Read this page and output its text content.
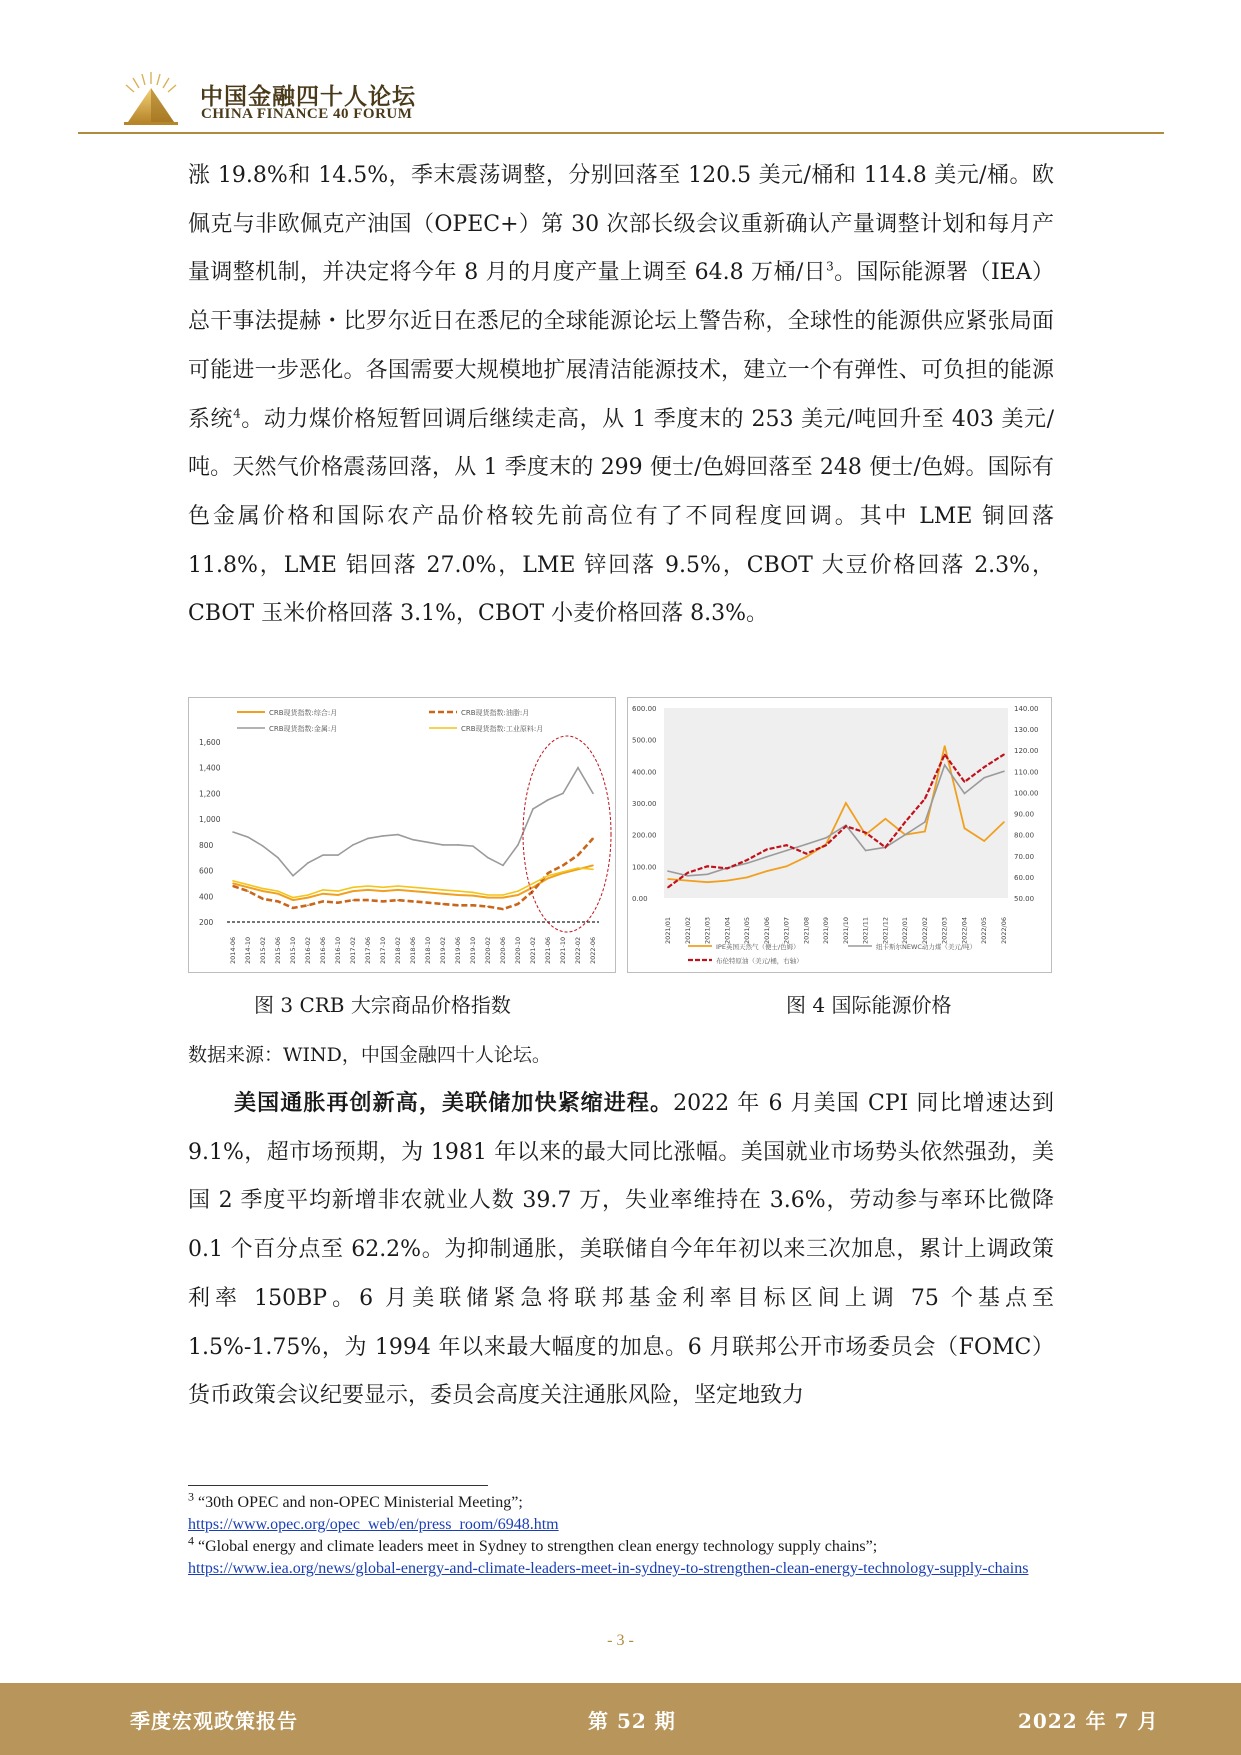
中国金融四十人论坛
CHINA FINANCE 40 FORUM

涨 19.8%和 14.5%，季末震荡调整，分别回落至 120.5 美元/桶和 114.8 美元/桶。欧佩克与非欧佩克产油国（OPEC+）第 30 次部长级会议重新确认产量调整计划和每月产量调整机制，并决定将今年 8 月的月度产量上调至 64.8 万桶/日$^3$。国际能源署（IEA）总干事法提赫・比罗尔近日在悉尼的全球能源论坛上警告称，全球性的能源供应紧张局面可能进一步恶化。各国需要大规模地扩展清洁能源技术，建立一个有弹性、可负担的能源系统$^4$。动力煤价格短暂回调后继续走高，从 1 季度末的 253 美元/吨回升至 403 美元/吨。天然气价格震荡回落，从 1 季度末的 299 便士/色姆回落至 248 便士/色姆。国际有色金属价格和国际农产品价格较先前高位有了不同程度回调。其中 LME 铜回落 11.8%，LME 铝回落 27.0%，LME 锌回落 9.5%，CBOT 大豆价格回落 2.3%，CBOT 玉米价格回落 3.1%，CBOT 小麦价格回落 8.3%。

CRB现货指数:综合:月	CRB现货指数:油脂:月
CRB现货指数:金属:月	CRB现货指数:工业原料:月
1,600
1,400
1,200
1,000
800
600
400
200
2014-06 2014-10 2015-02 2015-06 2015-10 2016-02 2016-06 2016-10 2017-02 2017-06 2017-10 2018-02 2018-06 2018-10 2019-02 2019-06 2019-10 2020-02 2020-06 2020-10 2021-02 2021-06 2021-10 2022-02 2022-06
600.00
500.00
400.00
300.00
200.00
100.00
0.00
140.00
130.00
120.00
110.00
100.00
90.00
80.00
70.00
60.00
50.00
2021/01 2021/02 2021/03 2021/04 2021/05 2021/06 2021/07 2021/08 2021/09 2021/10 2021/11 2021/12 2022/01 2022/02 2022/03 2022/04 2022/05 2022/06
IPE英国天然气（便士/色姆）	纽卡斯尔NEWC动力煤（美元/吨）
布伦特原油（美元/桶，右轴）
图 3 CRB 大宗商品价格指数	图 4 国际能源价格
数据来源：WIND，中国金融四十人论坛。

美国通胀再创新高，美联储加快紧缩进程。2022 年 6 月美国 CPI 同比增速达到 9.1%，超市场预期，为 1981 年以来的最大同比涨幅。美国就业市场势头依然强劲，美国 2 季度平均新增非农就业人数 39.7 万，失业率维持在 3.6%，劳动参与率环比微降 0.1 个百分点至 62.2%。为抑制通胀，美联储自今年年初以来三次加息，累计上调政策利率 150BP。6 月美联储紧急将联邦基金利率目标区间上调 75 个基点至 1.5%-1.75%，为 1994 年以来最大幅度的加息。6 月联邦公开市场委员会（FOMC）货币政策会议纪要显示，委员会高度关注通胀风险，坚定地致力

$^3$ “30th OPEC and non-OPEC Ministerial Meeting”;
https://www.opec.org/opec_web/en/press_room/6948.htm
$^4$ “Global energy and climate leaders meet in Sydney to strengthen clean energy technology supply chains”;
https://www.iea.org/news/global-energy-and-climate-leaders-meet-in-sydney-to-strengthen-clean-energy-technology-supply-chains
- 3 -
季度宏观政策报告	第 52 期	2022 年 7 月
